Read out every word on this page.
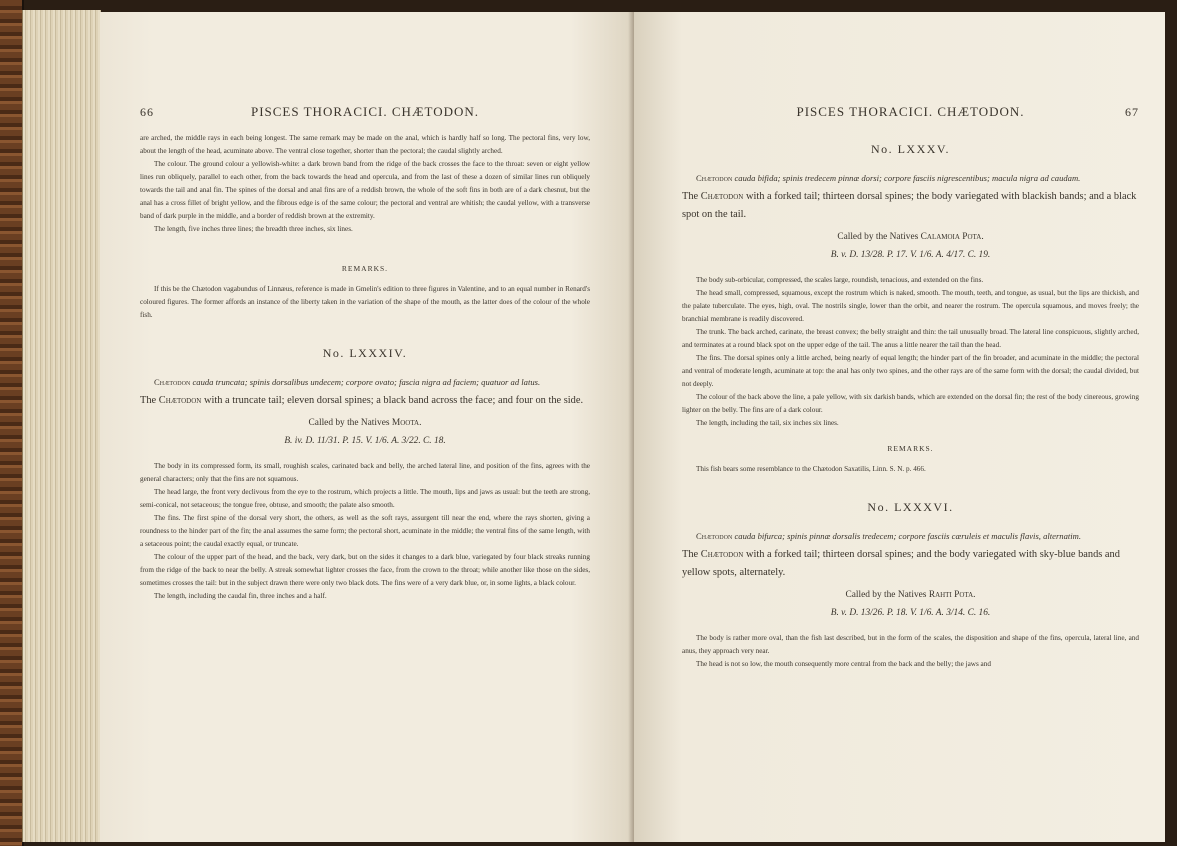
66	PISCES THORACICI. CHÆTODON.

are arched, the middle rays in each being longest. The same remark may be made on the anal, which is hardly half so long. The pectoral fins, very low, about the length of the head, acuminate above. The ventral close together, shorter than the pectoral; the caudal slightly arched.

The colour. The ground colour a yellowish-white: a dark brown band from the ridge of the back crosses the face to the throat: seven or eight yellow lines run obliquely, parallel to each other, from the back towards the head and opercula, and from the last of these a dozen of similar lines run obliquely towards the tail and anal fin. The spines of the dorsal and anal fins are of a reddish brown, the whole of the soft fins in both are of a dark chesnut, but the anal has a cross fillet of bright yellow, and the fibrous edge is of the same colour; the pectoral and ventral are whitish; the caudal yellow, with a transverse band of dark purple in the middle, and a border of reddish brown at the extremity.

The length, five inches three lines; the breadth three inches, six lines.

REMARKS.

If this be the Chætodon vagabundus of Linnæus, reference is made in Gmelin's edition to three figures in Valentine, and to an equal number in Renard's coloured figures. The former affords an instance of the liberty taken in the variation of the shape of the mouth, as the latter does of the colour of the whole fish.

No. LXXXIV.
Chætodon cauda truncata; spinis dorsalibus undecem; corpore ovato; fascia nigra ad faciem; quatuor ad latus.
The Chætodon with a truncate tail; eleven dorsal spines; a black band across the face; and four on the side.
Called by the Natives Moota.
B. iv. D. 11/31. P. 15. V. 1/6. A. 3/22. C. 18.

The body in its compressed form, its small, roughish scales, carinated back and belly, the arched lateral line, and position of the fins, agrees with the general characters; only that the fins are not squamous.

The head large, the front very declivous from the eye to the rostrum, which projects a little. The mouth, lips and jaws as usual: but the teeth are strong, semi-conical, not setaceous; the tongue free, obtuse, and smooth; the palate also smooth.

The fins. The first spine of the dorsal very short, the others, as well as the soft rays, assurgent till near the end, where the rays shorten, giving a roundness to the hinder part of the fin; the anal assumes the same form; the pectoral short, acuminate in the middle; the ventral fins of the same length, with a setaceous point; the caudal exactly equal, or truncate.

The colour of the upper part of the head, and the back, very dark, but on the sides it changes to a dark blue, variegated by four black streaks running from the ridge of the back to near the belly. A streak somewhat lighter crosses the face, from the crown to the throat; while another like those on the sides, sometimes crosses the tail: but in the subject drawn there were only two black dots. The fins were of a very dark blue, or, in some lights, a black colour.

The length, including the caudal fin, three inches and a half.

PISCES THORACICI. CHÆTODON.	67
No. LXXXV.
Chætodon cauda bifida; spinis tredecem pinnæ dorsi; corpore fasciis nigrescentibus; macula nigra ad caudam.
The Chætodon with a forked tail; thirteen dorsal spines; the body variegated with blackish bands; and a black spot on the tail.
Called by the Natives Calamoia Pota.
B. v. D. 13/28. P. 17. V. 1/6. A. 4/17. C. 19.

The body sub-orbicular, compressed, the scales large, roundish, tenacious, and extended on the fins.

The head small, compressed, squamous, except the rostrum which is naked, smooth. The mouth, teeth, and tongue, as usual, but the lips are thickish, and the palate tuberculate. The eyes, high, oval. The nostrils single, lower than the orbit, and nearer the rostrum. The opercula squamous, and moves freely; the branchial membrane is readily discovered.

The trunk. The back arched, carinate, the breast convex; the belly straight and thin: the tail unusually broad. The lateral line conspicuous, slightly arched, and terminates at a round black spot on the upper edge of the tail. The anus a little nearer the tail than the head.

The fins. The dorsal spines only a little arched, being nearly of equal length; the hinder part of the fin broader, and acuminate in the middle; the pectoral and ventral of moderate length, acuminate at top: the anal has only two spines, and the other rays are of the same form with the dorsal; the caudal divided, but not deeply.

The colour of the back above the line, a pale yellow, with six darkish bands, which are extended on the dorsal fin; the rest of the body cinereous, growing lighter on the belly. The fins are of a dark colour.

The length, including the tail, six inches six lines.

REMARKS.

This fish bears some resemblance to the Chætodon Saxatilis, Linn. S. N. p. 466.

No. LXXXVI.
Chætodon cauda bifurca; spinis pinnæ dorsalis tredecem; corpore fasciis cæruleis et maculis flavis, alternatim.
The Chætodon with a forked tail; thirteen dorsal spines; and the body variegated with sky-blue bands and yellow spots, alternately.
Called by the Natives Rahti Pota.
B. v. D. 13/26. P. 18. V. 1/6. A. 3/14. C. 16.

The body is rather more oval, than the fish last described, but in the form of the scales, the disposition and shape of the fins, opercula, lateral line, and anus, they approach very near.

The head is not so low, the mouth consequently more central from the back and the belly; the jaws and
